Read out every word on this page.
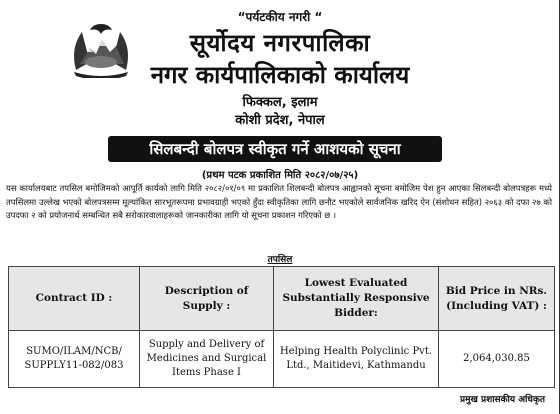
“पर्यटकीय नगरी “
सूर्योदय नगरपालिका
नगर कार्यपालिकाको कार्यालय
फिक्कल, इलाम
कोशी प्रदेश, नेपाल
सिलबन्दी बोलपत्र स्वीकृत गर्ने आशयको सूचना
(प्रथम पटक प्रकाशित मिति २०८२/०७/२५)

यस कार्यालयबाट तपसिल बमोजिमको आपूर्ति कार्यको लागि मिति २०८२/०१/०९ मा प्रकाशित शिलबन्दी बोलपत्र आह्वानको सूचना बमोजिम पेश हुन आएका सिलबन्दी बोलपत्रहरू मध्ये तपसिलमा उल्लेख भएको बोलपत्रसम्म मूल्यांकित सारभूतरूपमा प्रभावग्राही भएको हुँदा स्वीकृतिका लागि छनौट भएकोले सार्वजनिक खरिद ऐन (संशोधन सहित) २०६३ को दफा २७ को उपदफा २ को प्रयोजनार्थ सम्बन्धित सबै सरोकारवालाहरूको जानकारीका लागि यो सूचना प्रकाशन गरिएको छ ।

तपसिल
Contract ID :	Description of Supply :	Lowest Evaluated Substantially Responsive Bidder:	Bid Price in NRs. (Including VAT) :
SUMO/ILAM/NCB/ SUPPLY11-082/083	Supply and Delivery of Medicines and Surgical Items Phase I	Helping Health Polyclinic Pvt. Ltd., Maitidevi, Kathmandu	2,064,030.85
प्रमुख प्रशासकीय अधिकृत
